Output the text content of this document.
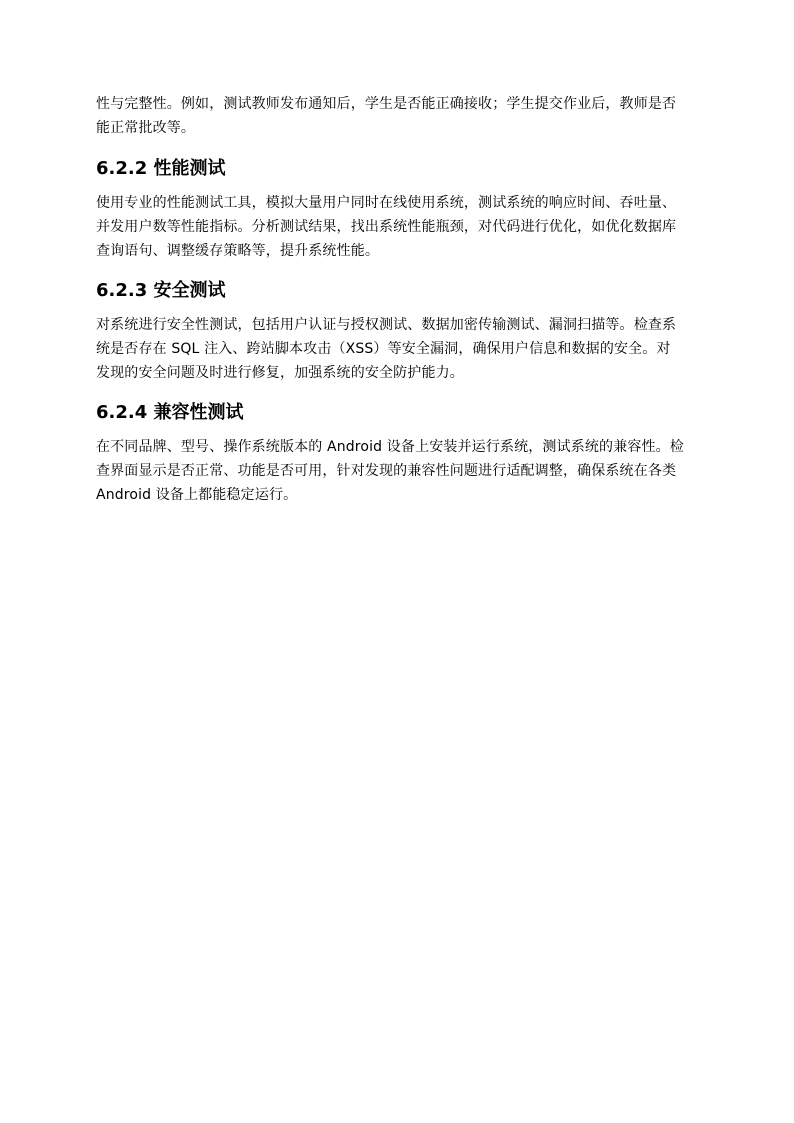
性与完整性。例如，测试教师发布通知后，学生是否能正确接收；学生提交作业后，教师是否
能正常批改等。

6.2.2 性能测试

使用专业的性能测试工具，模拟大量用户同时在线使用系统，测试系统的响应时间、吞吐量、
并发用户数等性能指标。分析测试结果，找出系统性能瓶颈，对代码进行优化，如优化数据库
查询语句、调整缓存策略等，提升系统性能。

6.2.3 安全测试

对系统进行安全性测试，包括用户认证与授权测试、数据加密传输测试、漏洞扫描等。检查系
统是否存在 SQL 注入、跨站脚本攻击（XSS）等安全漏洞，确保用户信息和数据的安全。对
发现的安全问题及时进行修复，加强系统的安全防护能力。

6.2.4 兼容性测试

在不同品牌、型号、操作系统版本的 Android 设备上安装并运行系统，测试系统的兼容性。检
查界面显示是否正常、功能是否可用，针对发现的兼容性问题进行适配调整，确保系统在各类
Android 设备上都能稳定运行。
